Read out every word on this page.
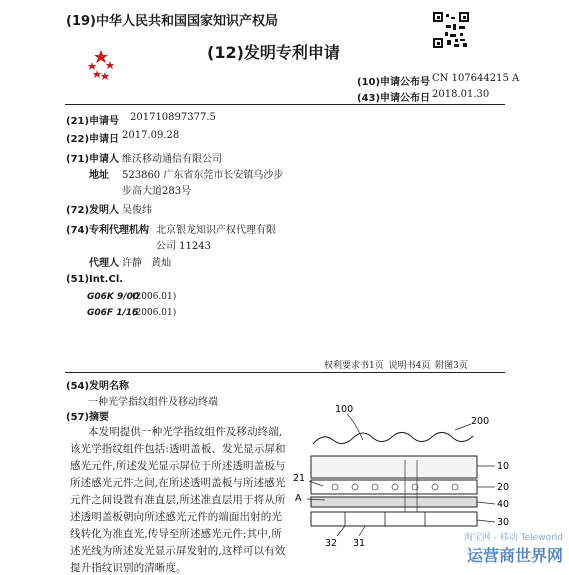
(19)中华人民共和国国家知识产权局
(12)发明专利申请
(10)申请公布号 CN 107644215 A
(43)申请公布日 2018.01.30
(21)申请号 201710897377.5
(22)申请日 2017.09.28
(71)申请人 维沃移动通信有限公司
地址 523860 广东省东莞市长安镇乌沙步
步高大道283号
(72)发明人 吴俊纬
(74)专利代理机构 北京银龙知识产权代理有限
公司 11243
代理人 许静 黄灿
(51)Int.Cl.
G06K 9/00
(2006.01)
G06F 1/16
(2006.01)
权利要求书1页 说明书4页 附图3页
(54)发明名称
一种光学指纹组件及移动终端
(57)摘要
本发明提供一种光学指纹组件及移动终端,
该光学指纹组件包括:透明盖板、发光显示屏和
感光元件,所述发光显示屏位于所述透明盖板与
所述感光元件之间,在所述透明盖板与所述感光
元件之间设置有准直层,所述准直层用于将从所
述透明盖板朝向所述感光元件的端面出射的光
线转化为准直光,传导至所述感光元件;其中,所
述光线为所述发光显示屏发射的,这样可以有效
提升指纹识别的清晰度。
100
200
10
21
20
A
40
30
32 31	淘宝网 - 移动 Teleworld
运营商世界网
